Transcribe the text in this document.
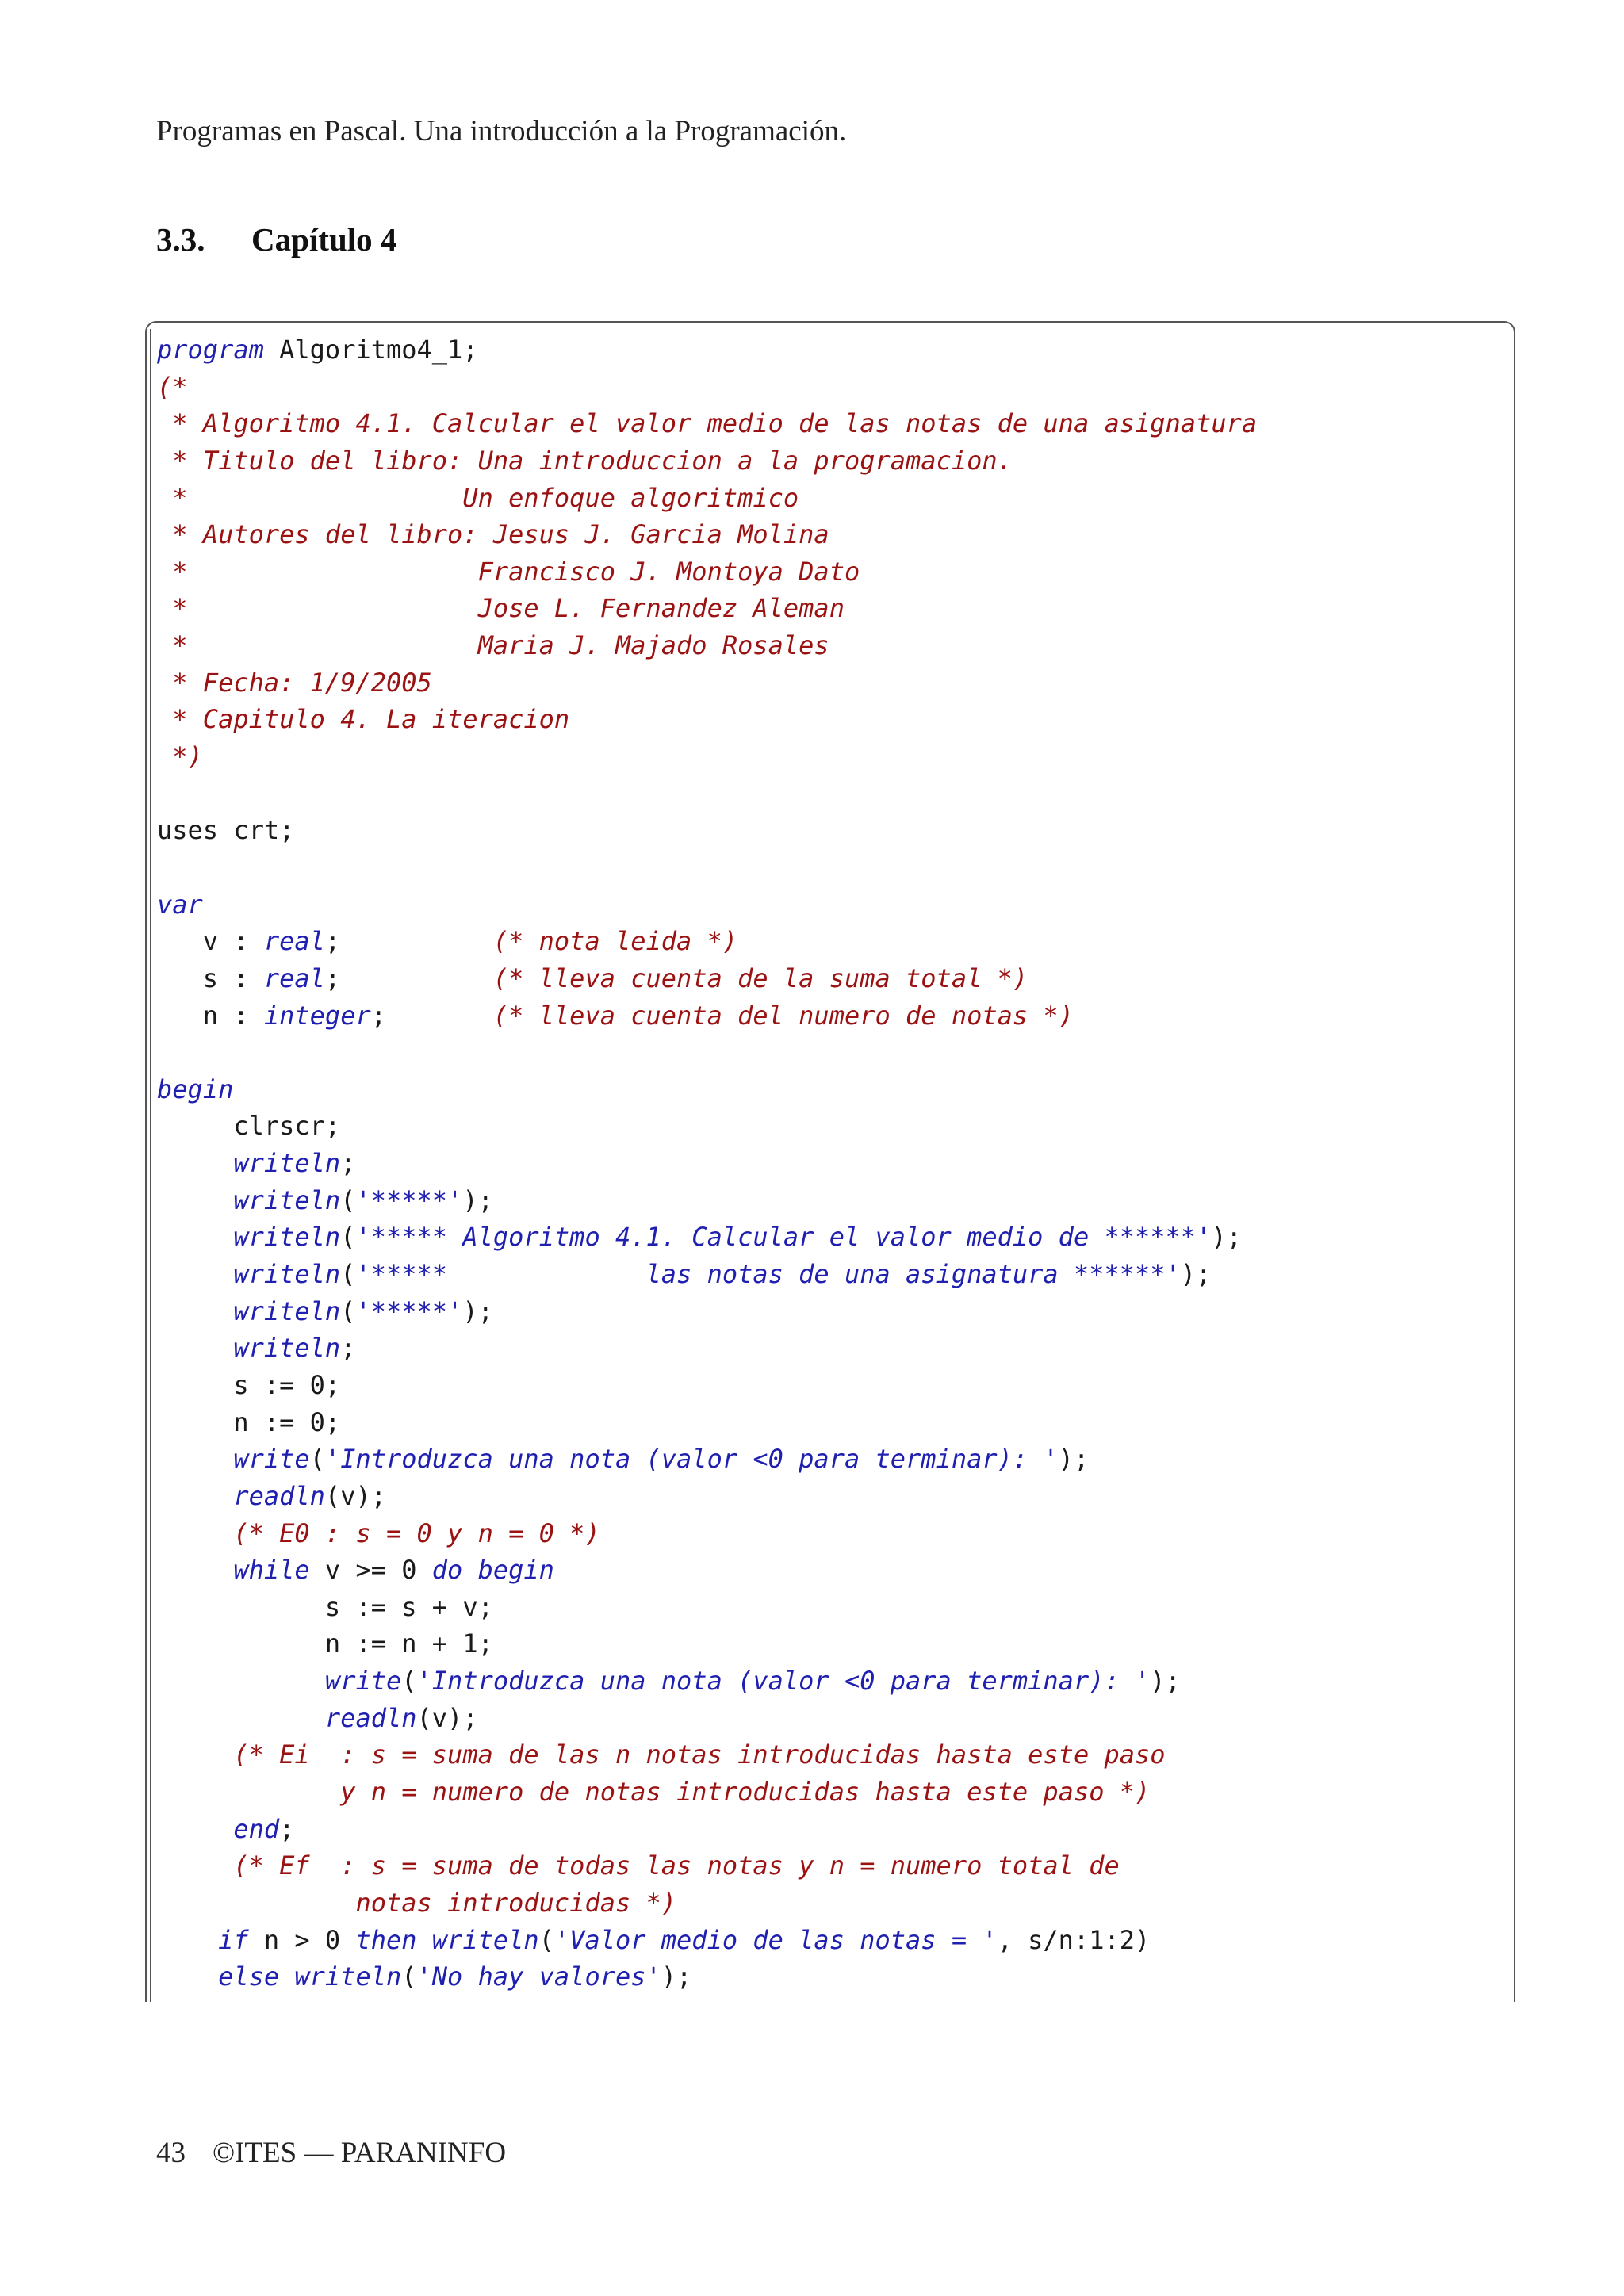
Programas en Pascal. Una introducción a la Programación.
3.3. Capítulo 4
program Algoritmo4_1;
(*
* Algoritmo 4.1. Calcular el valor medio de las notas de una asignatura
* Titulo del libro: Una introduccion a la programacion.
*                  Un enfoque algoritmico
* Autores del libro: Jesus J. Garcia Molina
*                   Francisco J. Montoya Dato
*                   Jose L. Fernandez Aleman
*                   Maria J. Majado Rosales
* Fecha: 1/9/2005
* Capitulo 4. La iteracion
*)
uses crt;
var
v : real;          (* nota leida *)
s : real;          (* lleva cuenta de la suma total *)
n : integer;       (* lleva cuenta del numero de notas *)
begin
clrscr;
writeln;
writeln('*****');
writeln('***** Algoritmo 4.1. Calcular el valor medio de ******');
writeln('*****             las notas de una asignatura ******');
writeln('*****');
writeln;
s := 0;
n := 0;
write('Introduzca una nota (valor <0 para terminar): ');
readln(v);
(* E0 : s = 0 y n = 0 *)
while v >= 0 do begin
s := s + v;
n := n + 1;
write('Introduzca una nota (valor <0 para terminar): ');
readln(v);
(* Ei  : s = suma de las n notas introducidas hasta este paso
y n = numero de notas introducidas hasta este paso *)
end;
(* Ef  : s = suma de todas las notas y n = numero total de
notas introducidas *)
if n > 0 then writeln('Valor medio de las notas = ', s/n:1:2)
else writeln('No hay valores');
43 ©ITES — PARANINFO
